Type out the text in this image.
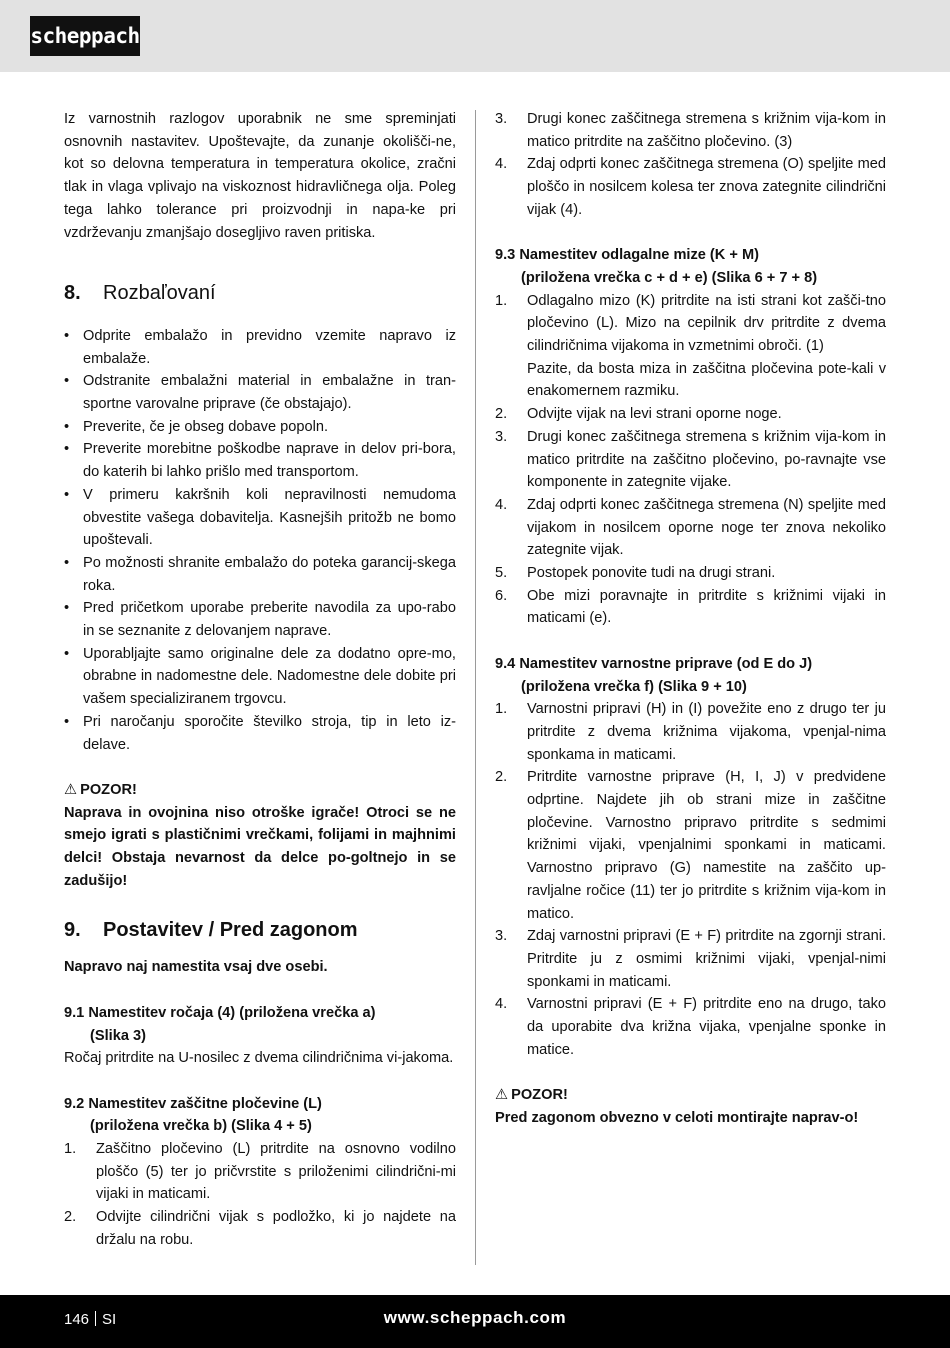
scheppach

Iz varnostnih razlogov uporabnik ne sme spreminjati osnovnih nastavitev. Upoštevajte, da zunanje okolišči-ne, kot so delovna temperatura in temperatura okolice, zračni tlak in vlaga vplivajo na viskoznost hidravličnega olja. Poleg tega lahko tolerance pri proizvodnji in napa-ke pri vzdrževanju zmanjšajo dosegljivo raven pritiska.

8.	Rozbaľovaní
• Odprite embalažo in previdno vzemite napravo iz embalaže.
• Odstranite embalažni material in embalažne in tran-sportne varovalne priprave (če obstajajo).
• Preverite, če je obseg dobave popoln.
• Preverite morebitne poškodbe naprave in delov pri-bora, do katerih bi lahko prišlo med transportom.
• V primeru kakršnih koli nepravilnosti nemudoma obvestite vašega dobavitelja. Kasnejših pritožb ne bomo upoštevali.
• Po možnosti shranite embalažo do poteka garancij-skega roka.
• Pred pričetkom uporabe preberite navodila za upo-rabo in se seznanite z delovanjem naprave.
• Uporabljajte samo originalne dele za dodatno opre-mo, obrabne in nadomestne dele. Nadomestne dele dobite pri vašem specializiranem trgovcu.
• Pri naročanju sporočite številko stroja, tip in leto iz-delave.
⚠ POZOR!

Naprava in ovojnina niso otroške igrače! Otroci se ne smejo igrati s plastičnimi vrečkami, folijami in majhnimi delci! Obstaja nevarnost da delce po-goltnejo in se zadušijo!

9.	Postavitev / Pred zagonom

Napravo naj namestita vsaj dve osebi.

9.1 Namestitev ročaja (4) (priložena vrečka a)
(Slika 3)

Ročaj pritrdite na U-nosilec z dvema cilindričnima vi-jakoma.

9.2 Namestitev zaščitne pločevine (L)
(priložena vrečka b) (Slika 4 + 5)
1. Zaščitno pločevino (L) pritrdite na osnovno vodilno ploščo (5) ter jo pričvrstite s priloženimi cilindrični-mi vijaki in maticami.
2. Odvijte cilindrični vijak s podložko, ki jo najdete na držalu na robu.
3. Drugi konec zaščitnega stremena s križnim vija-kom in matico pritrdite na zaščitno pločevino. (3)
4. Zdaj odprti konec zaščitnega stremena (O) speljite med ploščo in nosilcem kolesa ter znova zategnite cilindrični vijak (4).
9.3 Namestitev odlagalne mize (K + M)
(priložena vrečka c + d + e) (Slika 6 + 7 + 8)
1. Odlagalno mizo (K) pritrdite na isti strani kot zašči-tno pločevino (L). Mizo na cepilnik drv pritrdite z dvema cilindričnima vijakoma in vzmetnimi obroči. (1)
Pazite, da bosta miza in zaščitna pločevina pote-kali v enakomernem razmiku.
2. Odvijte vijak na levi strani oporne noge.
3. Drugi konec zaščitnega stremena s križnim vija-kom in matico pritrdite na zaščitno pločevino, po-ravnajte vse komponente in zategnite vijake.
4. Zdaj odprti konec zaščitnega stremena (N) speljite med vijakom in nosilcem oporne noge ter znova nekoliko zategnite vijak.
5. Postopek ponovite tudi na drugi strani.
6. Obe mizi poravnajte in pritrdite s križnimi vijaki in maticami (e).
9.4 Namestitev varnostne priprave (od E do J)
(priložena vrečka f) (Slika 9 + 10)
1. Varnostni pripravi (H) in (I) povežite eno z drugo ter ju pritrdite z dvema križnima vijakoma, vpenjal-nima sponkama in maticami.
2. Pritrdite varnostne priprave (H, I, J) v predvidene odprtine. Najdete jih ob strani mize in zaščitne pločevine. Varnostno pripravo pritrdite s sedmimi križnimi vijaki, vpenjalnimi sponkami in maticami. Varnostno pripravo (G) namestite na zaščito up-ravljalne ročice (11) ter jo pritrdite s križnim vija-kom in matico.
3. Zdaj varnostni pripravi (E + F) pritrdite na zgornji strani. Pritrdite ju z osmimi križnimi vijaki, vpenjal-nimi sponkami in maticami.
4. Varnostni pripravi (E + F) pritrdite eno na drugo, tako da uporabite dva križna vijaka, vpenjalne sponke in matice.
⚠ POZOR!

Pred zagonom obvezno v celoti montirajte naprav-o!

146 SI	www.scheppach.com
